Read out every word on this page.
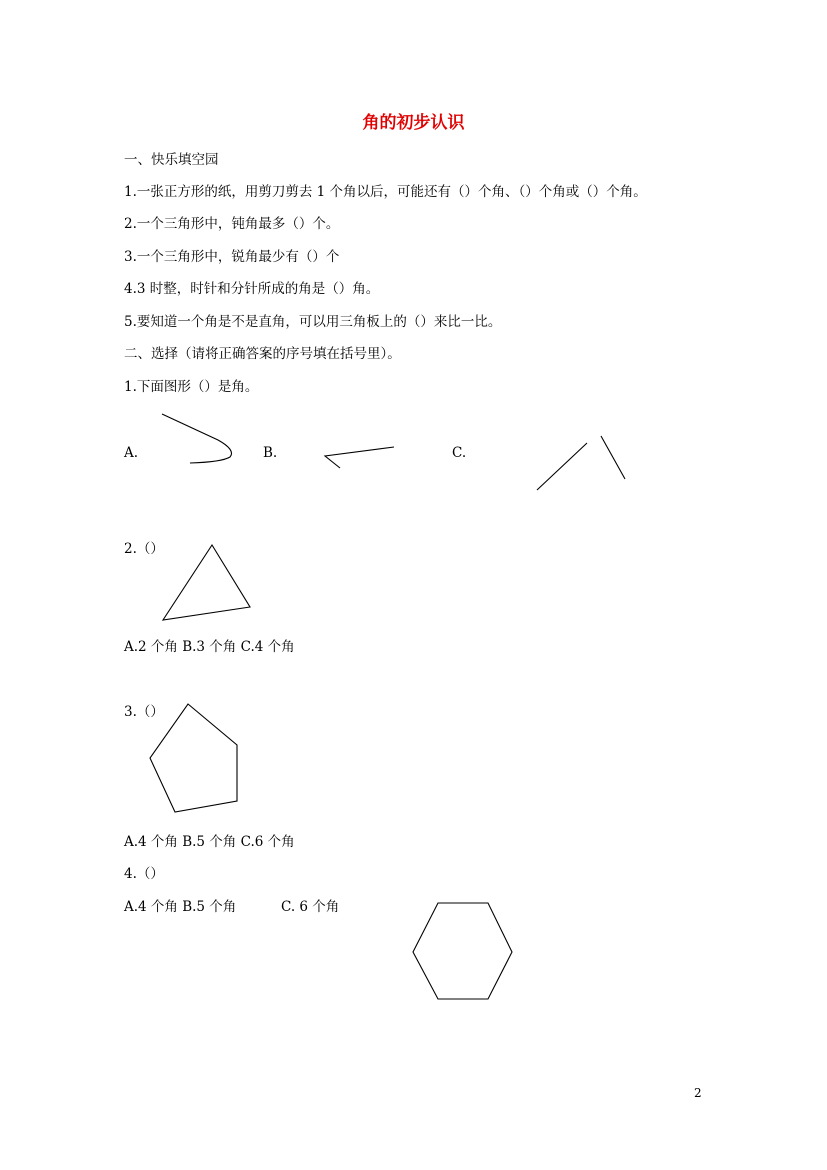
角的初步认识
一、快乐填空园
1.一张正方形的纸，用剪刀剪去 1 个角以后，可能还有（）个角、（）个角或（）个角。
2.一个三角形中，钝角最多（）个。
3.一个三角形中，锐角最少有（）个
4.3 时整，时针和分针所成的角是（）角。
5.要知道一个角是不是直角，可以用三角板上的（）来比一比。
二、选择（请将正确答案的序号填在括号里）。
1.下面图形（）是角。
A.	B.	C.
2.（）
A.2 个角 B.3 个角 C.4 个角
3.（）
A.4 个角 B.5 个角 C.6 个角
4.（）
A.4 个角 B.5 个角	C. 6 个角
2
